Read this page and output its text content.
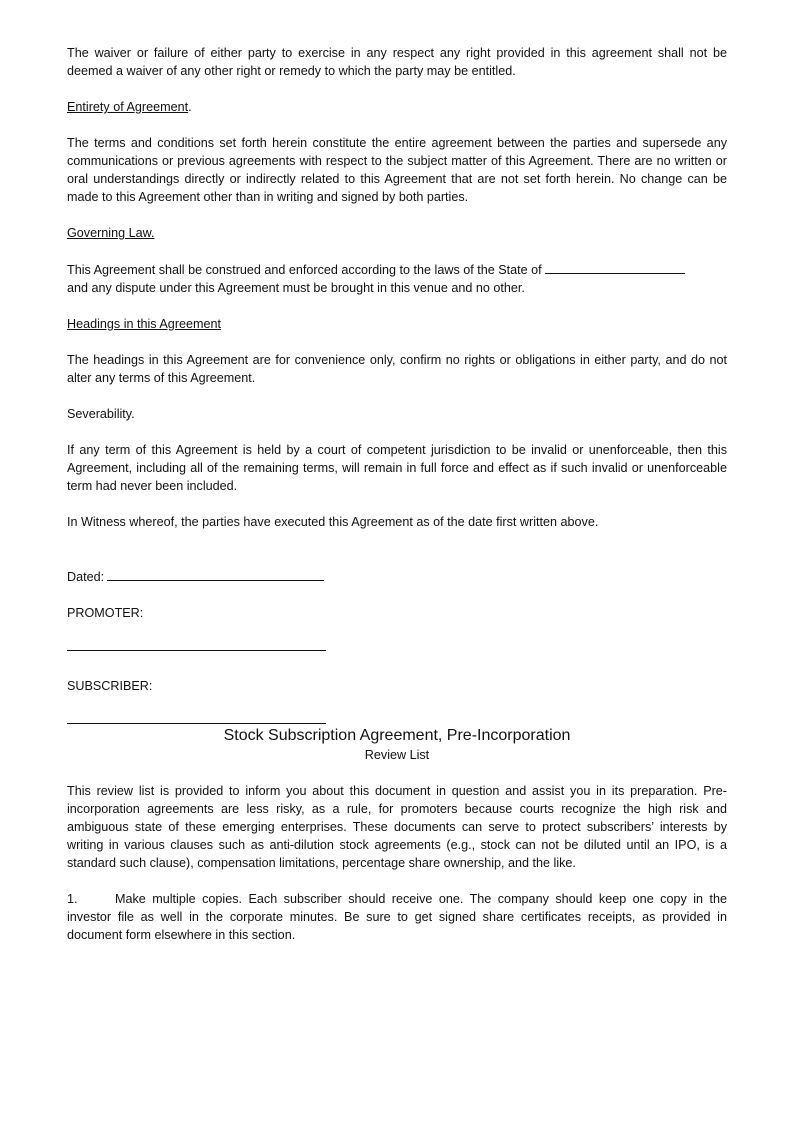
The waiver or failure of either party to exercise in any respect any right provided in this agreement shall not be deemed a waiver of any other right or remedy to which the party may be entitled.

Entirety of Agreement.

The terms and conditions set forth herein constitute the entire agreement between the parties and supersede any communications or previous agreements with respect to the subject matter of this Agreement. There are no written or oral understandings directly or indirectly related to this Agreement that are not set forth herein. No change can be made to this Agreement other than in writing and signed by both parties.

Governing Law.

This Agreement shall be construed and enforced according to the laws of the State of
and any dispute under this Agreement must be brought in this venue and no other.

Headings in this Agreement

The headings in this Agreement are for convenience only, confirm no rights or obligations in either party, and do not alter any terms of this Agreement.

Severability.

If any term of this Agreement is held by a court of competent jurisdiction to be invalid or unenforceable, then this Agreement, including all of the remaining terms, will remain in full force and effect as if such invalid or unenforceable term had never been included.

In Witness whereof, the parties have executed this Agreement as of the date first written above.

Dated:

PROMOTER:

SUBSCRIBER:

Stock Subscription Agreement, Pre-Incorporation
Review List

This review list is provided to inform you about this document in question and assist you in its preparation. Pre-incorporation agreements are less risky, as a rule, for promoters because courts recognize the high risk and ambiguous state of these emerging enterprises. These documents can serve to protect subscribers’ interests by writing in various clauses such as anti-dilution stock agreements (e.g., stock can not be diluted until an IPO, is a standard such clause), compensation limitations, percentage share ownership, and the like.

1.	Make multiple copies. Each subscriber should receive one. The company should keep one copy in the investor file as well in the corporate minutes. Be sure to get signed share certificates receipts, as provided in document form elsewhere in this section.
